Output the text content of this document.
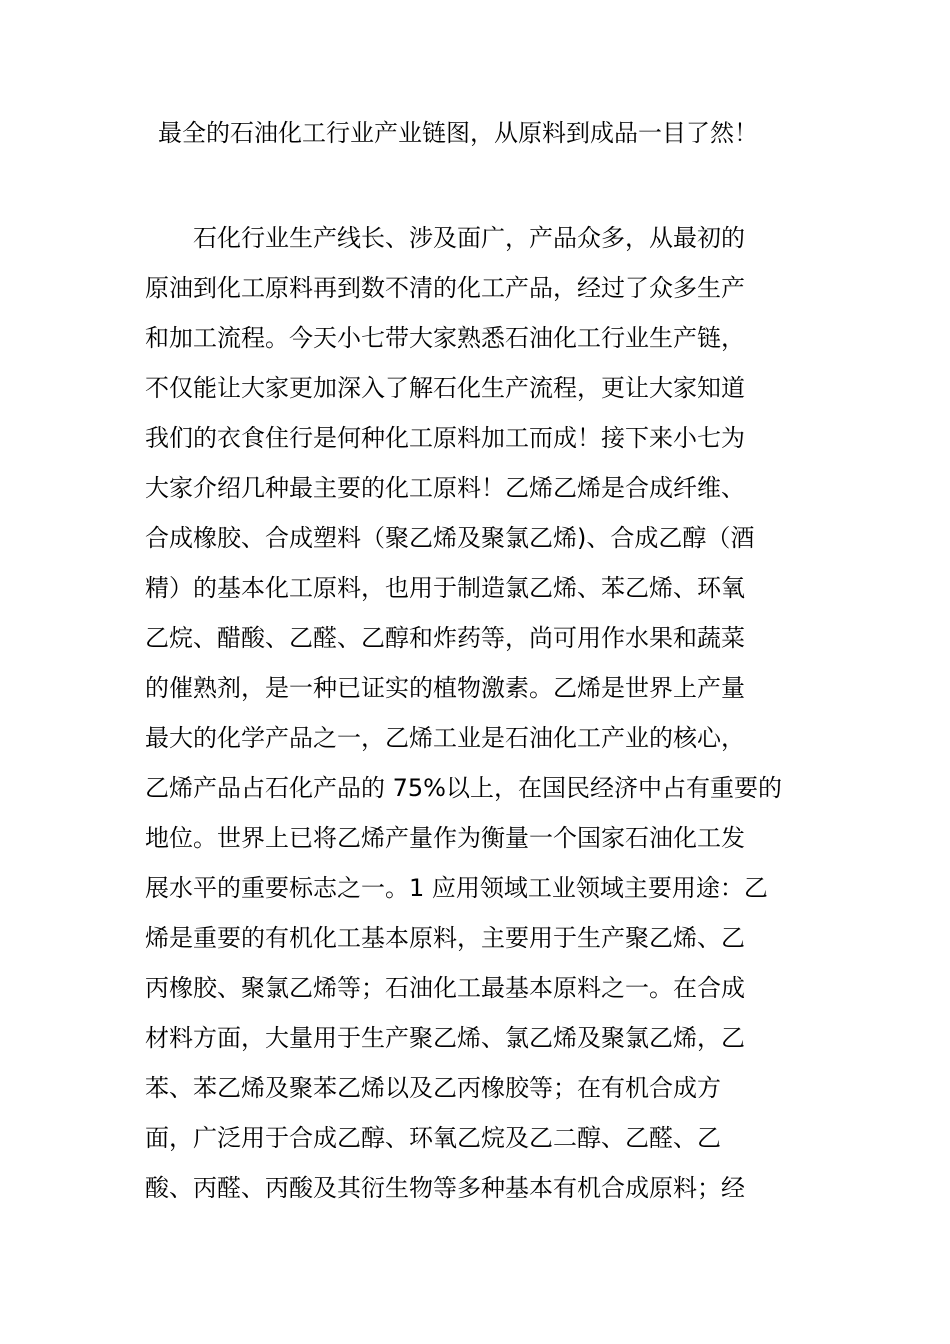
最全的石油化工行业产业链图，从原料到成品一目了然！
石化行业生产线长、涉及面广，产品众多，从最初的
原油到化工原料再到数不清的化工产品，经过了众多生产
和加工流程。今天小七带大家熟悉石油化工行业生产链，
不仅能让大家更加深入了解石化生产流程，更让大家知道
我们的衣食住行是何种化工原料加工而成！接下来小七为
大家介绍几种最主要的化工原料！乙烯乙烯是合成纤维、
合成橡胶、合成塑料（聚乙烯及聚氯乙烯)、合成乙醇（酒
精）的基本化工原料，也用于制造氯乙烯、苯乙烯、环氧
乙烷、醋酸、乙醛、乙醇和炸药等，尚可用作水果和蔬菜
的催熟剂，是一种已证实的植物激素。乙烯是世界上产量
最大的化学产品之一，乙烯工业是石油化工产业的核心，
乙烯产品占石化产品的 75%以上，在国民经济中占有重要的
地位。世界上已将乙烯产量作为衡量一个国家石油化工发
展水平的重要标志之一。1 应用领域工业领域主要用途：乙
烯是重要的有机化工基本原料，主要用于生产聚乙烯、乙
丙橡胶、聚氯乙烯等；石油化工最基本原料之一。在合成
材料方面，大量用于生产聚乙烯、氯乙烯及聚氯乙烯，乙
苯、苯乙烯及聚苯乙烯以及乙丙橡胶等；在有机合成方
面，广泛用于合成乙醇、环氧乙烷及乙二醇、乙醛、乙
酸、丙醛、丙酸及其衍生物等多种基本有机合成原料；经
